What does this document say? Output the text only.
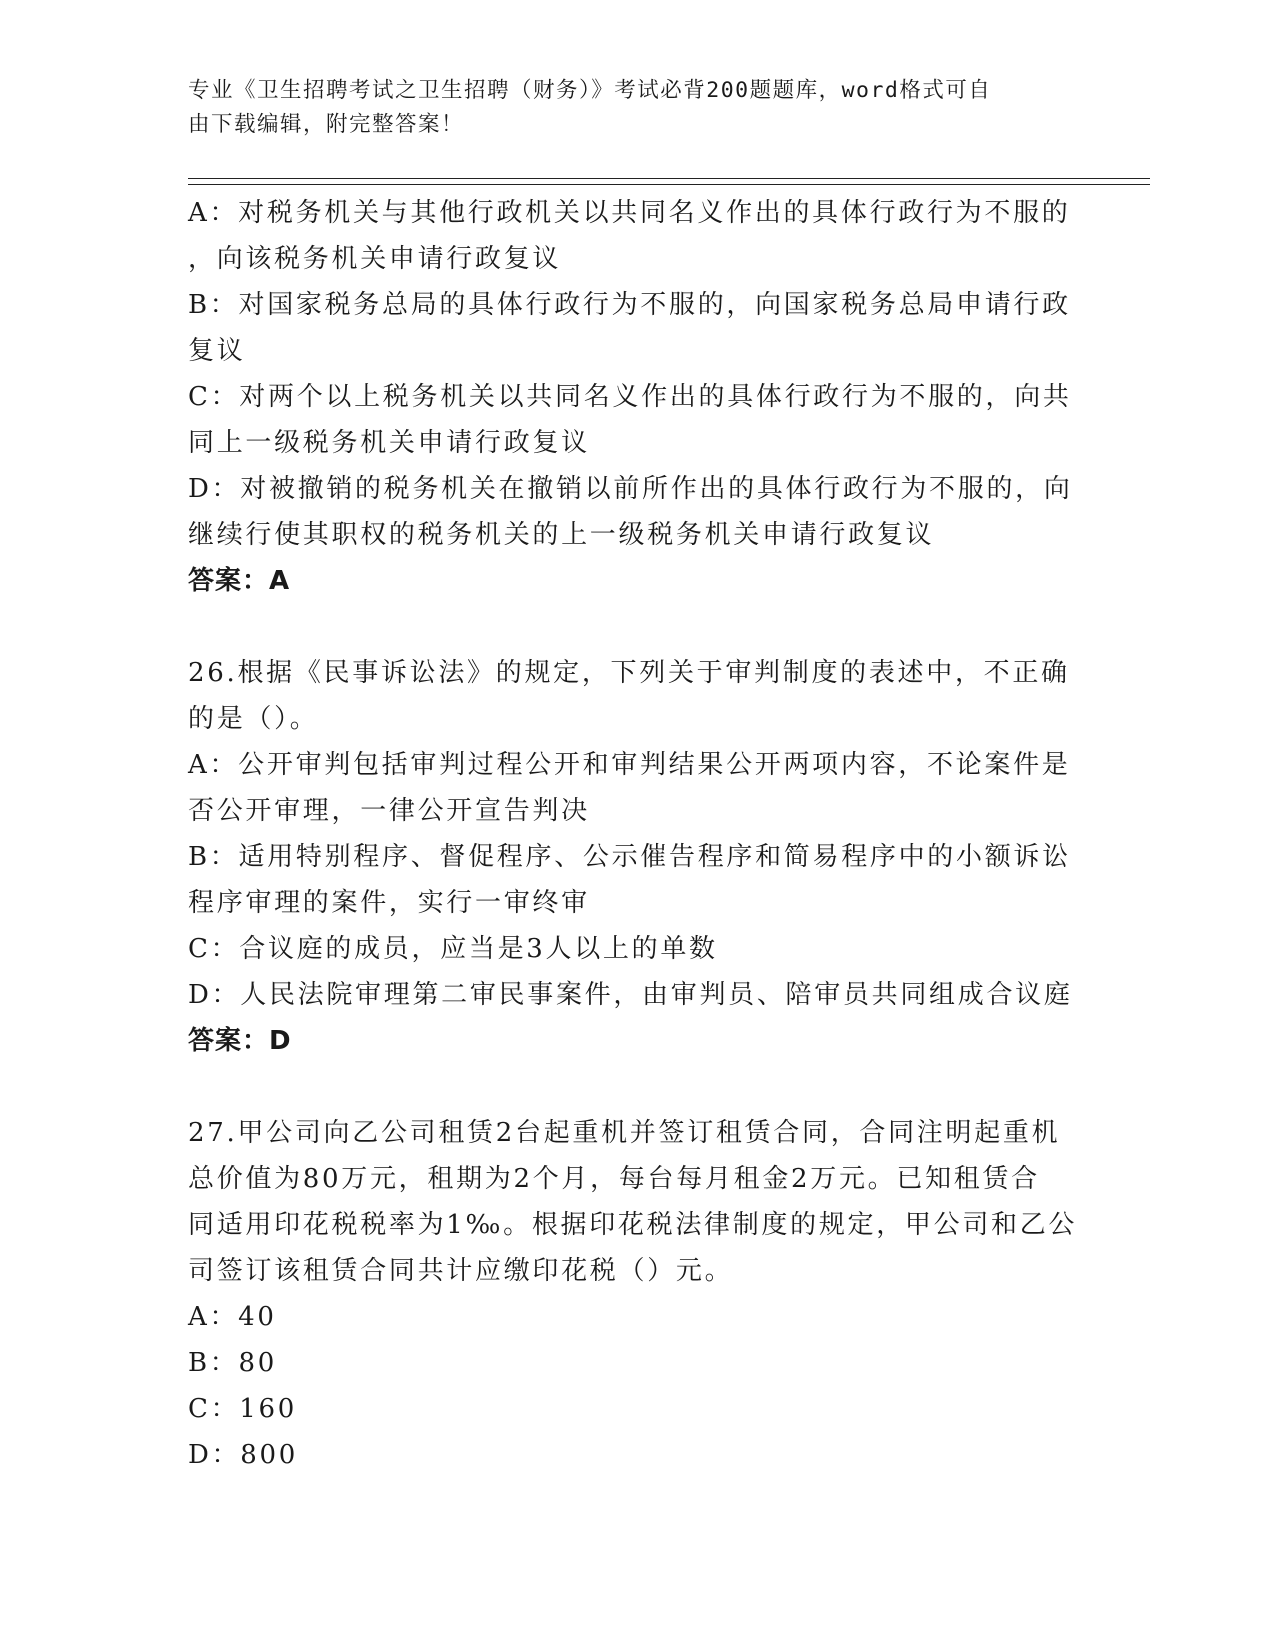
专业《卫生招聘考试之卫生招聘（财务）》考试必背200题题库，word格式可自
由下载编辑，附完整答案！
A：对税务机关与其他行政机关以共同名义作出的具体行政行为不服的
，向该税务机关申请行政复议
B：对国家税务总局的具体行政行为不服的，向国家税务总局申请行政
复议
C：对两个以上税务机关以共同名义作出的具体行政行为不服的，向共
同上一级税务机关申请行政复议
D：对被撤销的税务机关在撤销以前所作出的具体行政行为不服的，向
继续行使其职权的税务机关的上一级税务机关申请行政复议
答案：A
26.根据《民事诉讼法》的规定，下列关于审判制度的表述中，不正确
的是（）。
A：公开审判包括审判过程公开和审判结果公开两项内容，不论案件是
否公开审理，一律公开宣告判决
B：适用特别程序、督促程序、公示催告程序和简易程序中的小额诉讼
程序审理的案件，实行一审终审
C：合议庭的成员，应当是3人以上的单数
D：人民法院审理第二审民事案件，由审判员、陪审员共同组成合议庭
答案：D
27.甲公司向乙公司租赁2台起重机并签订租赁合同，合同注明起重机
总价值为80万元，租期为2个月，每台每月租金2万元。已知租赁合
同适用印花税税率为1‰。根据印花税法律制度的规定，甲公司和乙公
司签订该租赁合同共计应缴印花税（）元。
A：40
B：80
C：160
D：800
